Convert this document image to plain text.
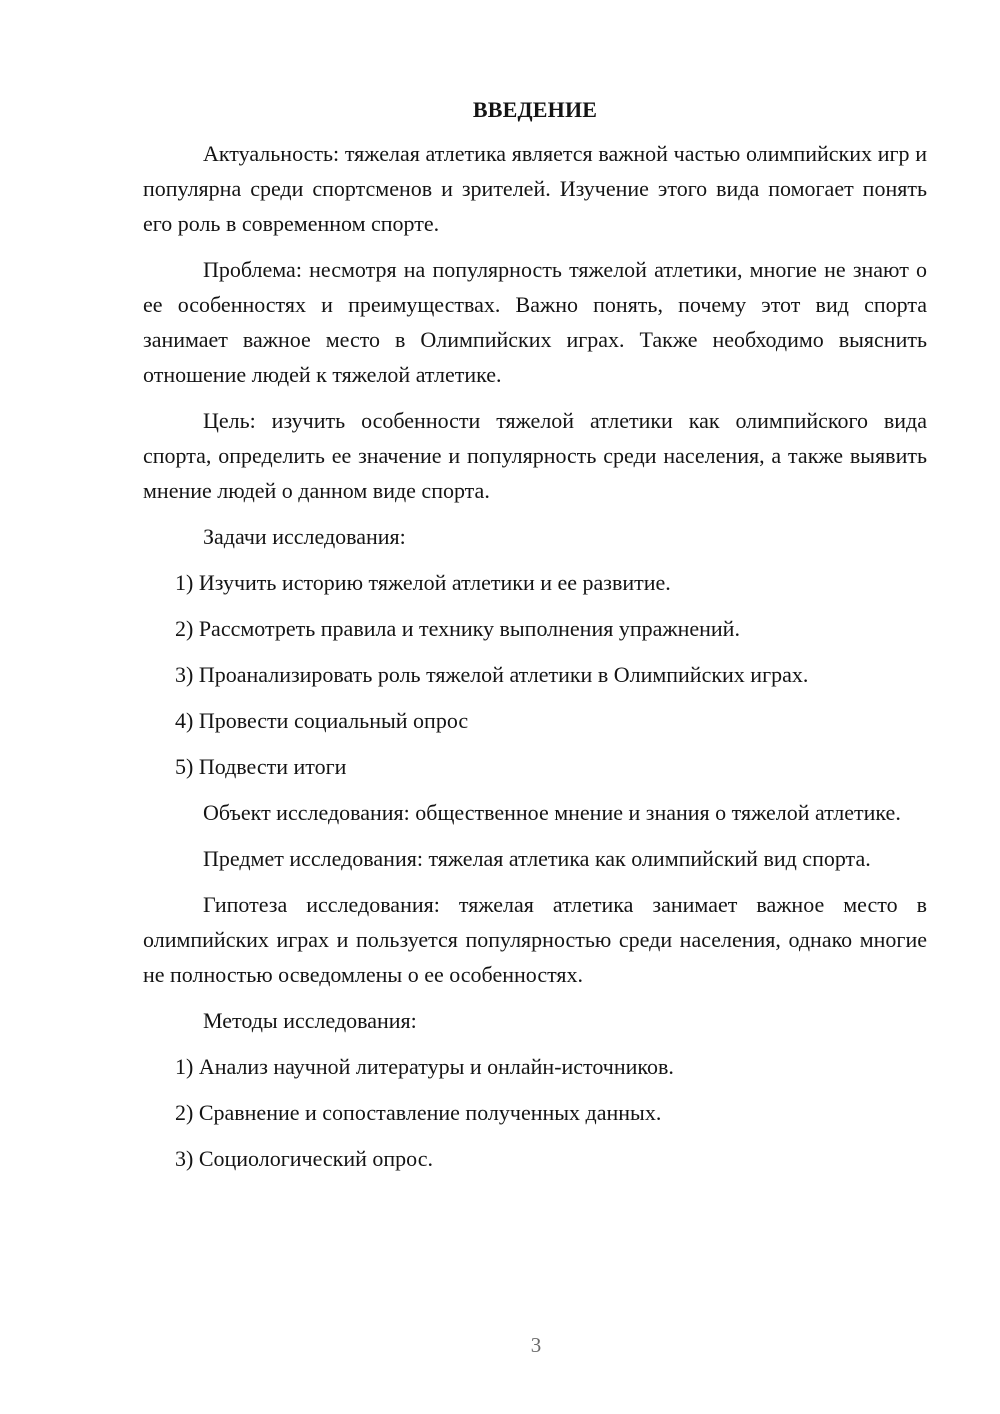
ВВЕДЕНИЕ

Актуальность: тяжелая атлетика является важной частью олимпийских игр и популярна среди спортсменов и зрителей. Изучение этого вида помогает понять его роль в современном спорте.

Проблема: несмотря на популярность тяжелой атлетики, многие не знают о ее особенностях и преимуществах. Важно понять, почему этот вид спорта занимает важное место в Олимпийских играх. Также необходимо выяснить отношение людей к тяжелой атлетике.

Цель: изучить особенности тяжелой атлетики как олимпийского вида спорта, определить ее значение и популярность среди населения, а также выявить мнение людей о данном виде спорта.

Задачи исследования:

1) Изучить историю тяжелой атлетики и ее развитие.
2) Рассмотреть правила и технику выполнения упражнений.
3) Проанализировать роль тяжелой атлетики в Олимпийских играх.
4) Провести социальный опрос
5) Подвести итоги

Объект исследования: общественное мнение и знания о тяжелой атлетике.

Предмет исследования: тяжелая атлетика как олимпийский вид спорта.

Гипотеза исследования: тяжелая атлетика занимает важное место в олимпийских играх и пользуется популярностью среди населения, однако многие не полностью осведомлены о ее особенностях.

Методы исследования:

1) Анализ научной литературы и онлайн-источников.
2) Сравнение и сопоставление полученных данных.
3) Социологический опрос.
3
